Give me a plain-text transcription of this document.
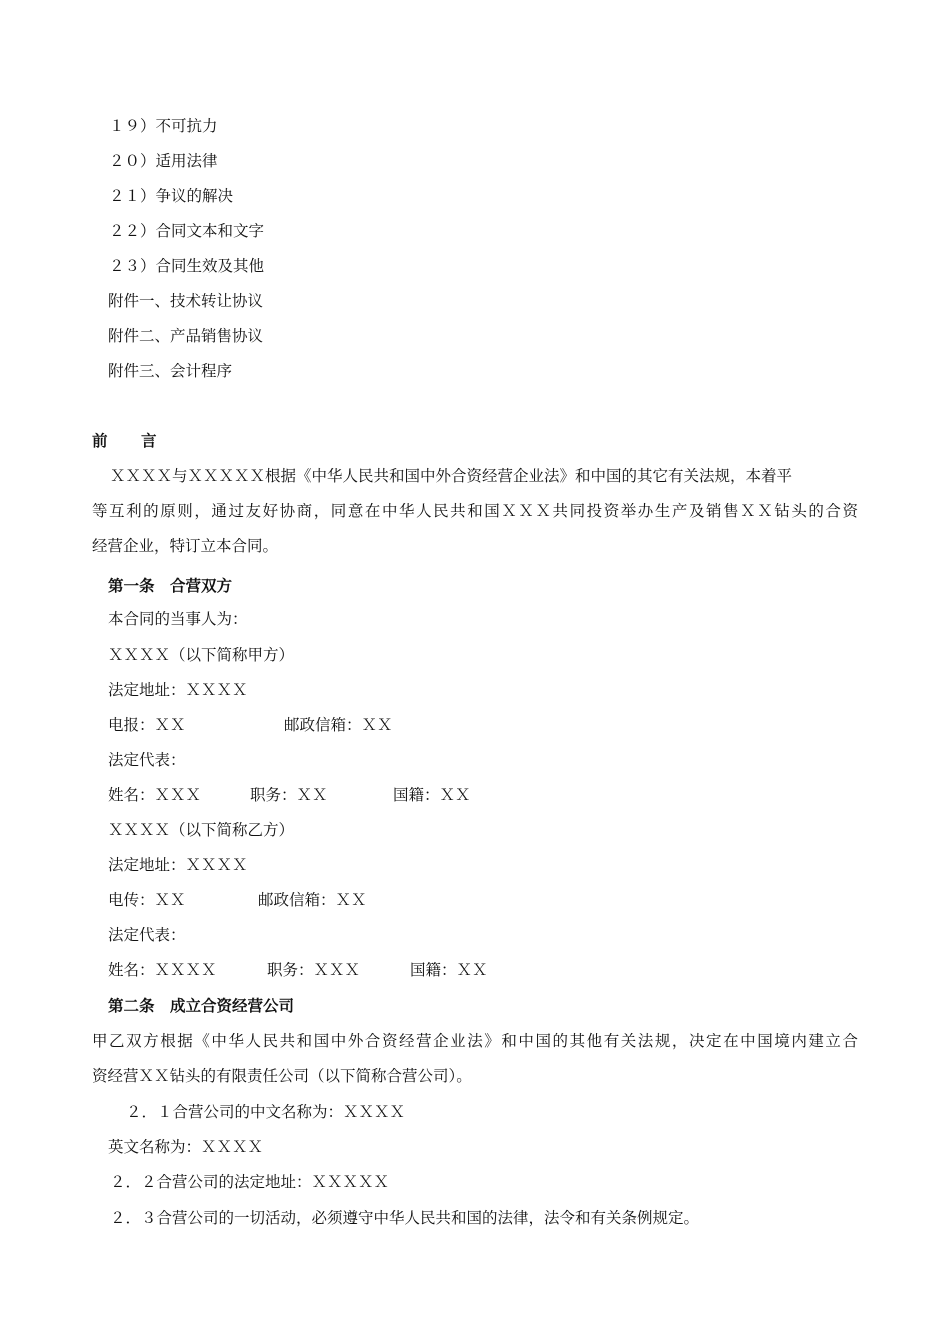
１９）不可抗力
２０）适用法律
２１）争议的解决
２２）合同文本和文字
２３）合同生效及其他
附件一、技术转让协议
附件二、产品销售协议
附件三、会计程序
前 言
ＸＸＸＸ与ＸＸＸＸＸ根据《中华人民共和国中外合资经营企业法》和中国的其它有关法规，本着平
等互利的原则，通过友好协商，同意在中华人民共和国ＸＸＸ共同投资举办生产及销售ＸＸ钻头的合资
经营企业，特订立本合同。
第一条　合营双方
本合同的当事人为：
ＸＸＸＸ（以下简称甲方）
法定地址：ＸＸＸＸ
电报：ＸＸ	邮政信箱：ＸＸ
法定代表：
姓名：ＸＸＸ	职务：ＸＸ	国籍：ＸＸ
ＸＸＸＸ（以下简称乙方）
法定地址：ＸＸＸＸ
电传：ＸＸ	邮政信箱：ＸＸ
法定代表：
姓名：ＸＸＸＸ	职务：ＸＸＸ	国籍：ＸＸ
第二条　成立合资经营公司
甲乙双方根据《中华人民共和国中外合资经营企业法》和中国的其他有关法规，决定在中国境内建立合
资经营ＸＸ钻头的有限责任公司（以下简称合营公司）。
２．１合营公司的中文名称为：ＸＸＸＸ
英文名称为：ＸＸＸＸ
２．２合营公司的法定地址：ＸＸＸＸＸ
２．３合营公司的一切活动，必须遵守中华人民共和国的法律，法令和有关条例规定。
